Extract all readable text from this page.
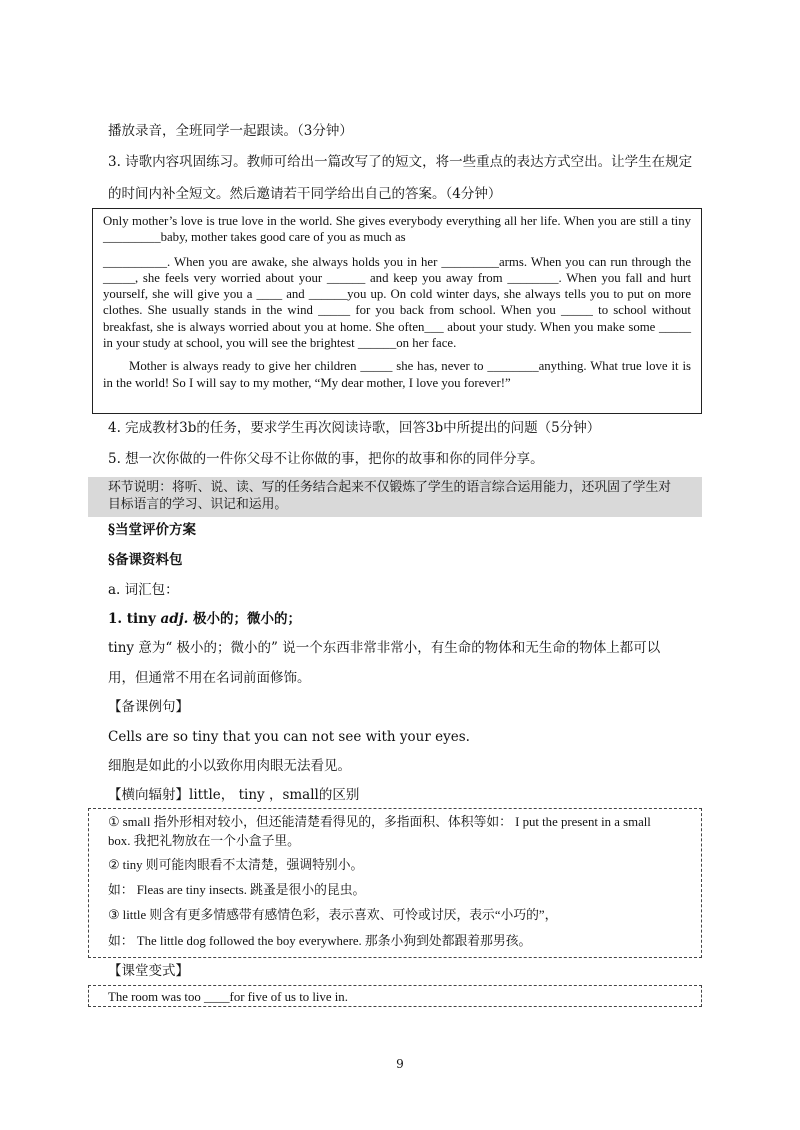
播放录音，全班同学一起跟读。（3分钟）
3. 诗歌内容巩固练习。教师可给出一篇改写了的短文，将一些重点的表达方式空出。让学生在规定
的时间内补全短文。然后邀请若干同学给出自己的答案。（4分钟）

Only mother’s love is true love in the world. She gives everybody everything all her life. When you are still a tiny _________baby, mother takes good care of you as much as

__________. When you are awake, she always holds you in her _________arms. When you can run through the _____, she feels very worried about your ______ and keep you away from ________. When you fall and hurt yourself, she will give you a ____ and ______you up. On cold winter days, she always tells you to put on more clothes. She usually stands in the wind _____ for you back from school. When you _____ to school without breakfast, she is always worried about you at home. She often___ about your study. When you make some _____ in your study at school, you will see the brightest ______on her face.

Mother is always ready to give her children _____ she has, never to ________anything. What true love it is in the world! So I will say to my mother, “My dear mother, I love you forever!”

4. 完成教材3b的任务，要求学生再次阅读诗歌，回答3b中所提出的问题（5分钟）
5. 想一次你做的一件你父母不让你做的事，把你的故事和你的同伴分享。
环节说明：将听、说、读、写的任务结合起来不仅锻炼了学生的语言综合运用能力，还巩固了学生对目标语言的学习、识记和运用。
§当堂评价方案
§备课资料包
a. 词汇包：
1. tiny adj. 极小的；微小的；
tiny 意为“ 极小的；微小的” 说一个东西非常非常小，有生命的物体和无生命的物体上都可以
用，但通常不用在名词前面修饰。
【备课例句】
Cells are so tiny that you can not see with your eyes.
细胞是如此的小以致你用肉眼无法看见。
【横向辐射】little， tiny ，small的区别
① small 指外形相对较小，但还能清楚看得见的，多指面积、体积等如： I put the present in a small
box. 我把礼物放在一个小盒子里。
② tiny 则可能肉眼看不太清楚，强调特别小。
如： Fleas are tiny insects. 跳蚤是很小的昆虫。
③ little 则含有更多情感带有感情色彩，表示喜欢、可怜或讨厌，表示“小巧的”，
如： The little dog followed the boy everywhere. 那条小狗到处都跟着那男孩。
【课堂变式】
The room was too ____for five of us to live in.
9
